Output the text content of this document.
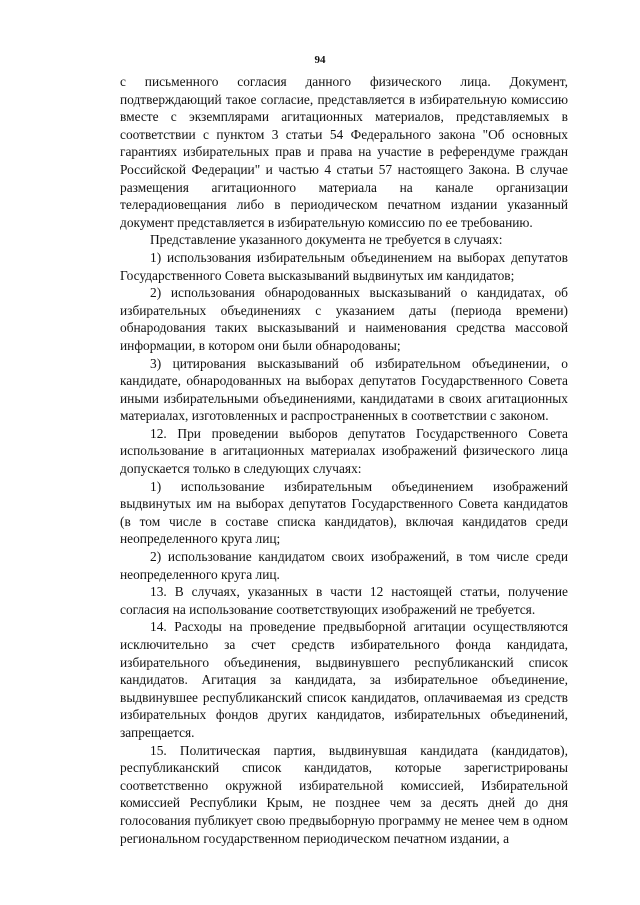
94

с письменного согласия данного физического лица. Документ, подтверждающий такое согласие, представляется в избирательную комиссию вместе с экземплярами агитационных материалов, представляемых в соответствии с пунктом 3 статьи 54 Федерального закона "Об основных гарантиях избирательных прав и права на участие в референдуме граждан Российской Федерации" и частью 4 статьи 57 настоящего Закона. В случае размещения агитационного материала на канале организации телерадиовещания либо в периодическом печатном издании указанный документ представляется в избирательную комиссию по ее требованию.

Представление указанного документа не требуется в случаях:

1) использования избирательным объединением на выборах депутатов Государственного Совета высказываний выдвинутых им кандидатов;

2) использования обнародованных высказываний о кандидатах, об избирательных объединениях с указанием даты (периода времени) обнародования таких высказываний и наименования средства массовой информации, в котором они были обнародованы;

3) цитирования высказываний об избирательном объединении, о кандидате, обнародованных на выборах депутатов Государственного Совета иными избирательными объединениями, кандидатами в своих агитационных материалах, изготовленных и распространенных в соответствии с законом.

12. При проведении выборов депутатов Государственного Совета использование в агитационных материалах изображений физического лица допускается только в следующих случаях:

1) использование избирательным объединением изображений выдвинутых им на выборах депутатов Государственного Совета кандидатов (в том числе в составе списка кандидатов), включая кандидатов среди неопределенного круга лиц;

2) использование кандидатом своих изображений, в том числе среди неопределенного круга лиц.

13. В случаях, указанных в части 12 настоящей статьи, получение согласия на использование соответствующих изображений не требуется.

14. Расходы на проведение предвыборной агитации осуществляются исключительно за счет средств избирательного фонда кандидата, избирательного объединения, выдвинувшего республиканский список кандидатов. Агитация за кандидата, за избирательное объединение, выдвинувшее республиканский список кандидатов, оплачиваемая из средств избирательных фондов других кандидатов, избирательных объединений, запрещается.

15. Политическая партия, выдвинувшая кандидата (кандидатов), республиканский список кандидатов, которые зарегистрированы соответственно окружной избирательной комиссией, Избирательной комиссией Республики Крым, не позднее чем за десять дней до дня голосования публикует свою предвыборную программу не менее чем в одном региональном государственном периодическом печатном издании, а
